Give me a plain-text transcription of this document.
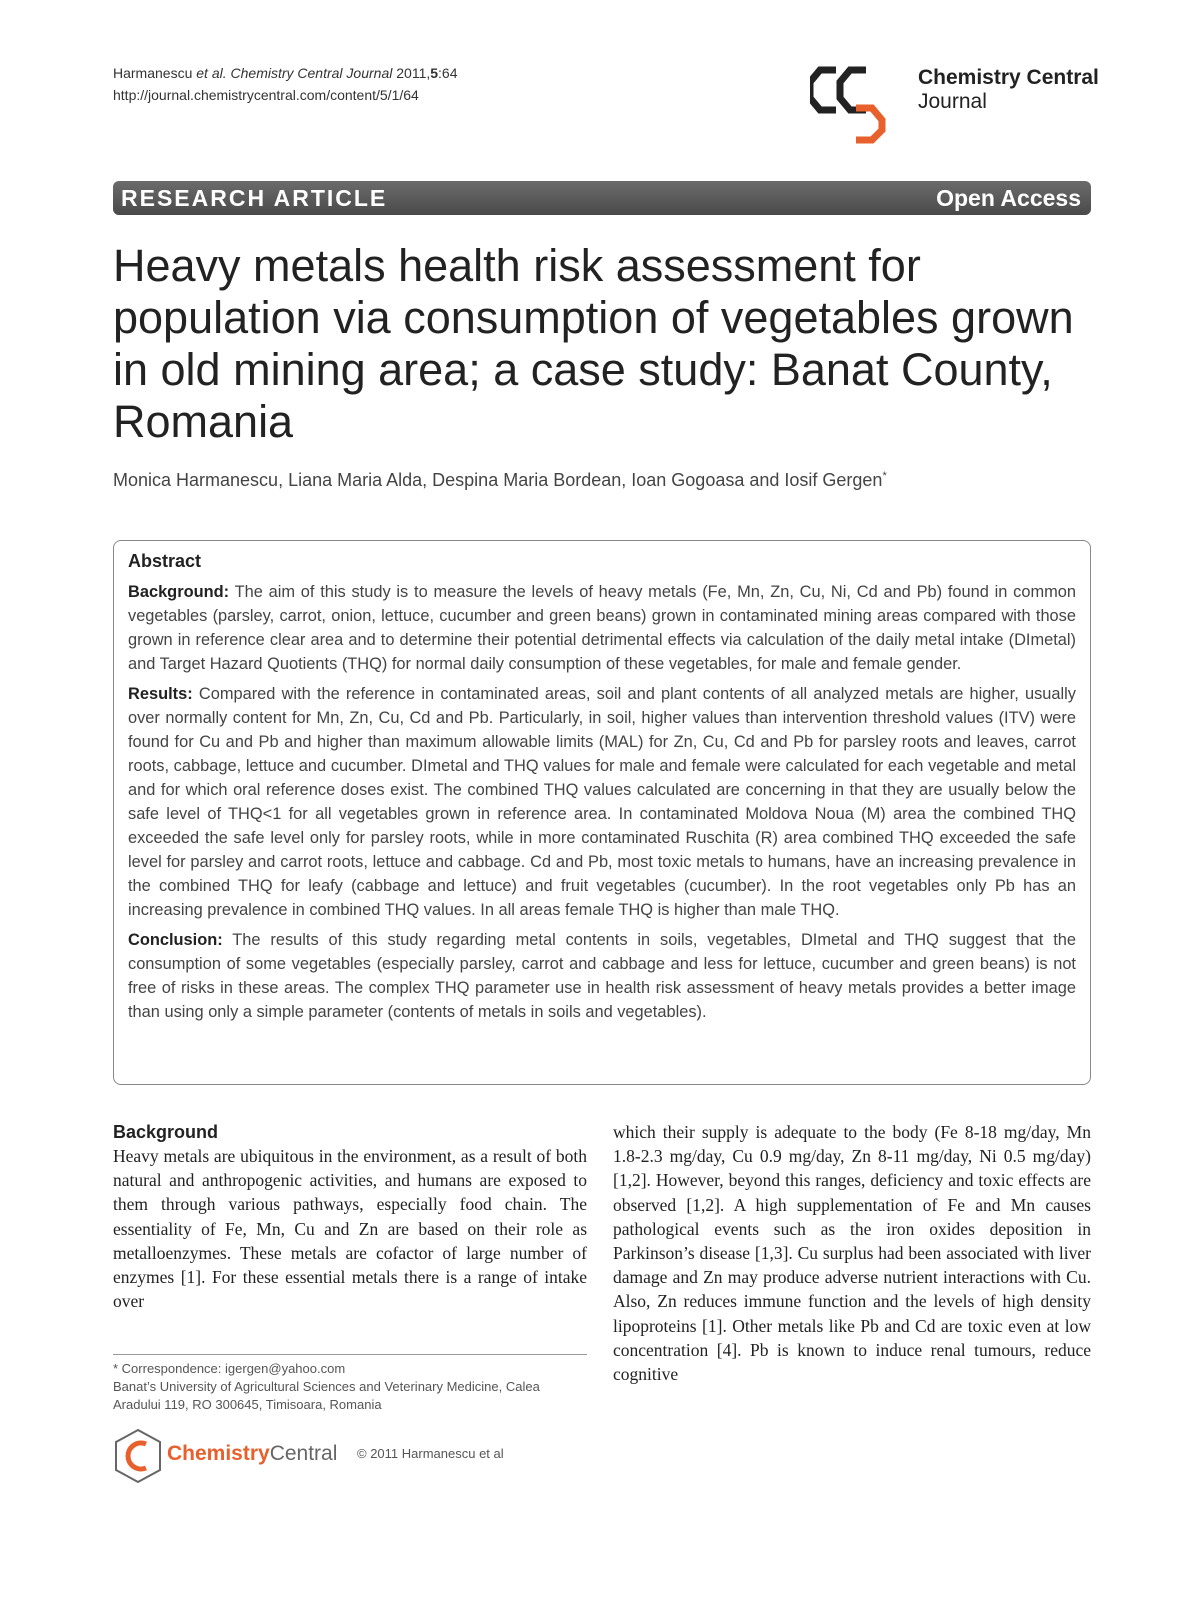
Harmanescu et al. Chemistry Central Journal 2011,5:64
http://journal.chemistrycentral.com/content/5/1/64
Chemistry Central
Journal
RESEARCH ARTICLE	Open Access
Heavy metals health risk assessment for population via consumption of vegetables grown in old mining area; a case study: Banat County, Romania
Monica Harmanescu, Liana Maria Alda, Despina Maria Bordean, Ioan Gogoasa and Iosif Gergen*
Abstract

Background: The aim of this study is to measure the levels of heavy metals (Fe, Mn, Zn, Cu, Ni, Cd and Pb) found in common vegetables (parsley, carrot, onion, lettuce, cucumber and green beans) grown in contaminated mining areas compared with those grown in reference clear area and to determine their potential detrimental effects via calculation of the daily metal intake (DImetal) and Target Hazard Quotients (THQ) for normal daily consumption of these vegetables, for male and female gender.

Results: Compared with the reference in contaminated areas, soil and plant contents of all analyzed metals are higher, usually over normally content for Mn, Zn, Cu, Cd and Pb. Particularly, in soil, higher values than intervention threshold values (ITV) were found for Cu and Pb and higher than maximum allowable limits (MAL) for Zn, Cu, Cd and Pb for parsley roots and leaves, carrot roots, cabbage, lettuce and cucumber. DImetal and THQ values for male and female were calculated for each vegetable and metal and for which oral reference doses exist. The combined THQ values calculated are concerning in that they are usually below the safe level of THQ<1 for all vegetables grown in reference area. In contaminated Moldova Noua (M) area the combined THQ exceeded the safe level only for parsley roots, while in more contaminated Ruschita (R) area combined THQ exceeded the safe level for parsley and carrot roots, lettuce and cabbage. Cd and Pb, most toxic metals to humans, have an increasing prevalence in the combined THQ for leafy (cabbage and lettuce) and fruit vegetables (cucumber). In the root vegetables only Pb has an increasing prevalence in combined THQ values. In all areas female THQ is higher than male THQ.

Conclusion: The results of this study regarding metal contents in soils, vegetables, DImetal and THQ suggest that the consumption of some vegetables (especially parsley, carrot and cabbage and less for lettuce, cucumber and green beans) is not free of risks in these areas. The complex THQ parameter use in health risk assessment of heavy metals provides a better image than using only a simple parameter (contents of metals in soils and vegetables).

Background

Heavy metals are ubiquitous in the environment, as a result of both natural and anthropogenic activities, and humans are exposed to them through various pathways, especially food chain. The essentiality of Fe, Mn, Cu and Zn are based on their role as metalloenzymes. These metals are cofactor of large number of enzymes [1]. For these essential metals there is a range of intake over

which their supply is adequate to the body (Fe 8-18 mg/day, Mn 1.8-2.3 mg/day, Cu 0.9 mg/day, Zn 8-11 mg/day, Ni 0.5 mg/day) [1,2]. However, beyond this ranges, deficiency and toxic effects are observed [1,2]. A high supplementation of Fe and Mn causes pathological events such as the iron oxides deposition in Parkinson’s disease [1,3]. Cu surplus had been associated with liver damage and Zn may produce adverse nutrient interactions with Cu. Also, Zn reduces immune function and the levels of high density lipoproteins [1]. Other metals like Pb and Cd are toxic even at low concentration [4]. Pb is known to induce renal tumours, reduce cognitive

* Correspondence: igergen@yahoo.com
Banat’s University of Agricultural Sciences and Veterinary Medicine, Calea Aradului 119, RO 300645, Timisoara, Romania
ChemistryCentral © 2011 Harmanescu et al
